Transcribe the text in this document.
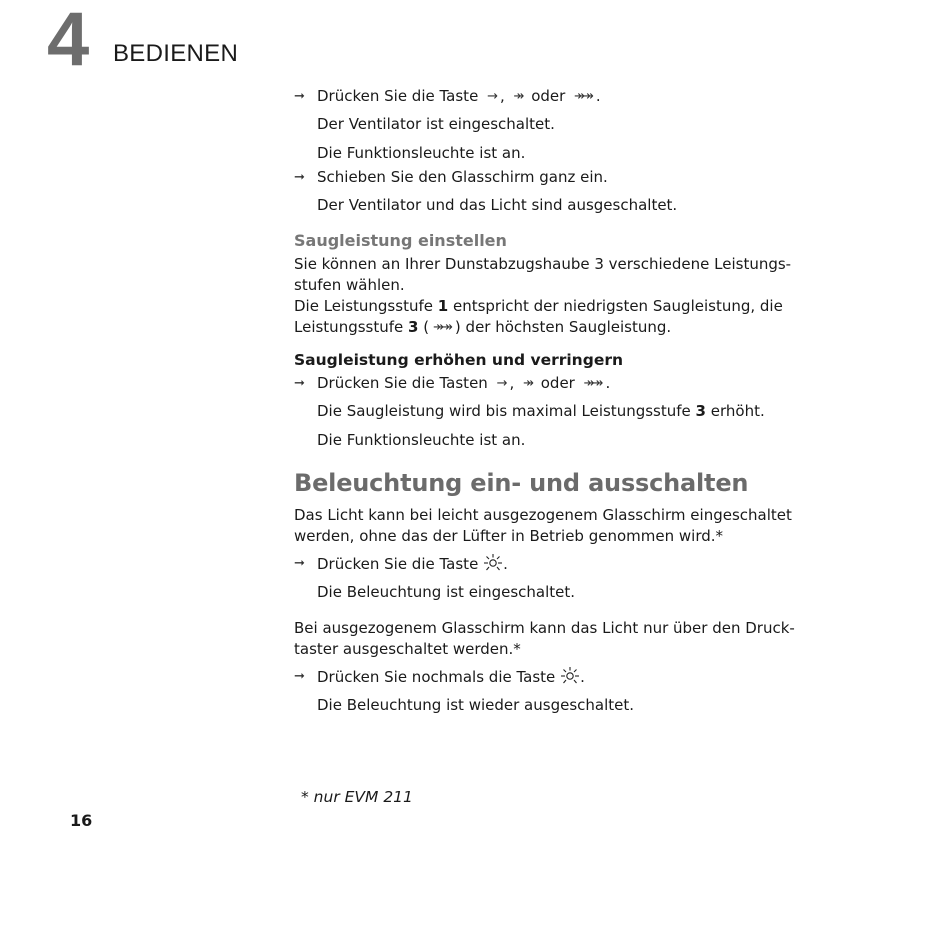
4 BEDIENEN

➞ Drücken Sie die Taste → , ↠ oder ↠↠ .

Der Ventilator ist eingeschaltet.

Die Funktionsleuchte ist an.

➞ Schieben Sie den Glasschirm ganz ein.

Der Ventilator und das Licht sind ausgeschaltet.

Saugleistung einstellen

Sie können an Ihrer Dunstabzugshaube 3 verschiedene Leistungs-stufen wählen.

Die Leistungsstufe 1 entspricht der niedrigsten Saugleistung, die Leistungsstufe 3 ( ↠↠ ) der höchsten Saugleistung.

Saugleistung erhöhen und verringern

➞ Drücken Sie die Tasten → , ↠ oder ↠↠ .

Die Saugleistung wird bis maximal Leistungsstufe 3 erhöht.

Die Funktionsleuchte ist an.

Beleuchtung ein- und ausschalten

Das Licht kann bei leicht ausgezogenem Glasschirm eingeschaltet werden, ohne das der Lüfter in Betrieb genommen wird.*

➞ Drücken Sie die Taste .

Die Beleuchtung ist eingeschaltet.

Bei ausgezogenem Glasschirm kann das Licht nur über den Druck-taster ausgeschaltet werden.*

➞ Drücken Sie nochmals die Taste .

Die Beleuchtung ist wieder ausgeschaltet.

* nur EVM 211
16
